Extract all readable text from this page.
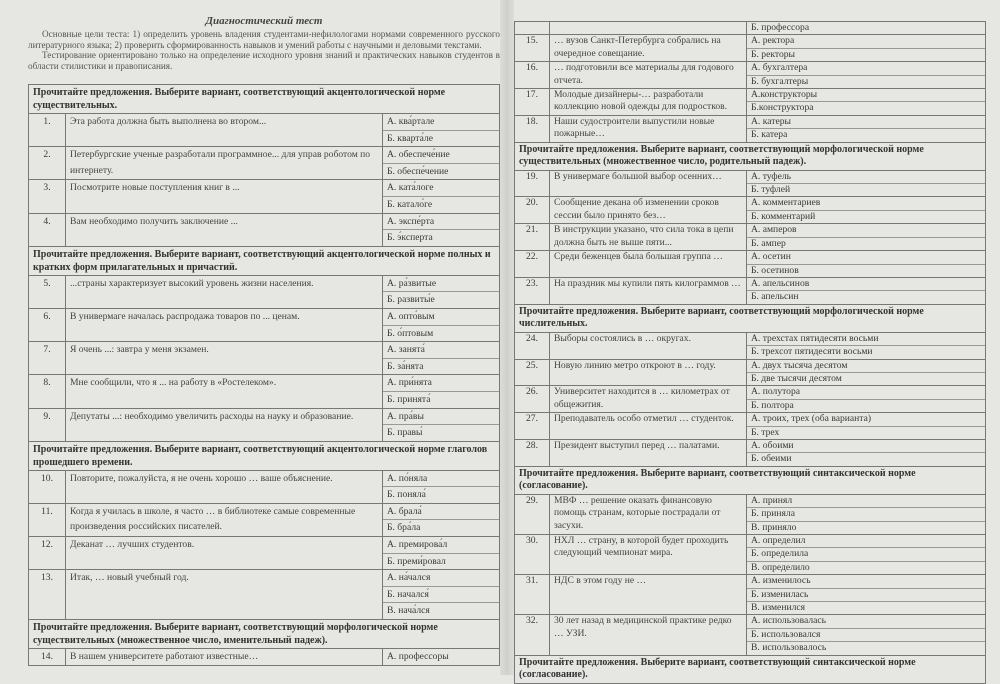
Диагностический тест

Основные цели теста: 1) определить уровень владения студентами-нефилологами нормами современного русского литературного языка; 2) проверить сформированность навыков и умений работы с научными и деловыми текстами.

Тестирование ориентировано только на определение исходного уровня знаний и практических навыков студентов в области стилистики и правописания.

Прочитайте предложения. Выберите вариант, соответствующий акцентологической норме существительных.		
1.	Эта работа должна быть выполнена во втором...	А. ква́ртале
Б. кварта́ле

2.	Петербургские ученые разработали программное... для управ роботом по интернету.	А. обеспече́ние
Б. обеспе́чение

3.	Посмотрите новые поступления книг в ...	А. ката́логе
Б. катало́ге

4.	Вам необходимо получить заключение ...	А. экспе́рта
Б. э́ксперта

Прочитайте предложения. Выберите вариант, соответствующий акцентологической норме полных и кратких форм прилагательных и причастий.		
5.	...страны характеризует высокий уровень жизни населения.	А. ра́звитые
Б. развиты́е

6.	В универмаге началась распродажа товаров по ... ценам.	А. опто́вым
Б. о́птовым

7.	Я очень ...: завтра у меня экзамен.	А. занята́
Б. за́нята

8.	Мне сообщили, что я ... на работу в «Ростелеком».	А. при́нята
Б. принята́

9.	Депутаты ...: необходимо увеличить расходы на науку и образование.	А. пра́вы
Б. правы́

Прочитайте предложения. Выберите вариант, соответствующий акцентологической норме глаголов прошедшего времени.		
10.	Повторите, пожалуйста, я не очень хорошо … ваше объяснение.	А. по́няла
Б. поняла́

11.	Когда я училась в школе, я часто … в библиотеке самые современные произведения российских писателей.	А. брала́
Б. бра́ла

12.	Деканат … лучших студентов.	А. премирова́л
Б. преми́ровал

13.	Итак, … новый учебный год.	А. на́чался
Б. начался́
В. нача́лся

Прочитайте предложения. Выберите вариант, соответствующий морфологической норме существительных (множественное число, именительный падеж).		
14.	В нашем университете работают известные…	А. профессоры

		Б. профессора

15.	… вузов Санкт-Петербурга собрались на очередное совещание.	А. ректора
Б. ректоры

16.	… подготовили все материалы для годового отчета.	А. бухгалтера
Б. бухгалтеры

17.	Молодые дизайнеры-… разработали коллекцию новой одежды для подростков.	А.конструкторы
Б.конструктора

18.	Наши судостроители выпустили новые пожарные…	А. катеры
Б. катера

Прочитайте предложения. Выберите вариант, соответствующий морфологической норме существительных (множественное число, родительный падеж).		
19.	В универмаге большой выбор осенних…	А. туфель
Б. туфлей

20.	Сообщение декана об изменении сроков сессии было принято без…	А. комментариев
Б. комментарий

21.	В инструкции указано, что сила тока в цепи должна быть не выше пяти...	А. амперов
Б. ампер

22.	Среди беженцев была большая группа …	А. осетин
Б. осетинов

23.	На праздник мы купили пять килограммов …	А. апельсинов
Б. апельсин

Прочитайте предложения. Выберите вариант, соответствующий морфологической норме числительных.		
24.	Выборы состоялись в … округах.	А. трехстах пятидесяти восьми
Б. трехсот пятидесяти восьми

25.	Новую линию метро откроют в … году.	А. двух тысяча десятом
Б. две тысячи десятом

26.	Университет находится в … километрах от общежития.	А. полутора
Б. полтора

27.	Преподаватель особо отметил … студенток.	А. троих, трех (оба варианта)
Б. трех

28.	Президент выступил перед … палатами.	А. обоими
Б. обеими

Прочитайте предложения. Выберите вариант, соответствующий синтаксической норме (согласование).		
29.	МВФ … решение оказать финансовую помощь странам, которые пострадали от засухи.	А. принял
Б. приняла
В. приняло

30.	НХЛ … страну, в которой будет проходить следующий чемпионат мира.	А. определил
Б. определила
В. определило

31.	НДС в этом году не …	А. изменилось
Б. изменилась
В. изменился

32.	30 лет назад в медицинской практике редко … УЗИ.	А. использовалась
Б. использовался
В. использовалось

Прочитайте предложения. Выберите вариант, соответствующий синтаксической норме (согласование).		
